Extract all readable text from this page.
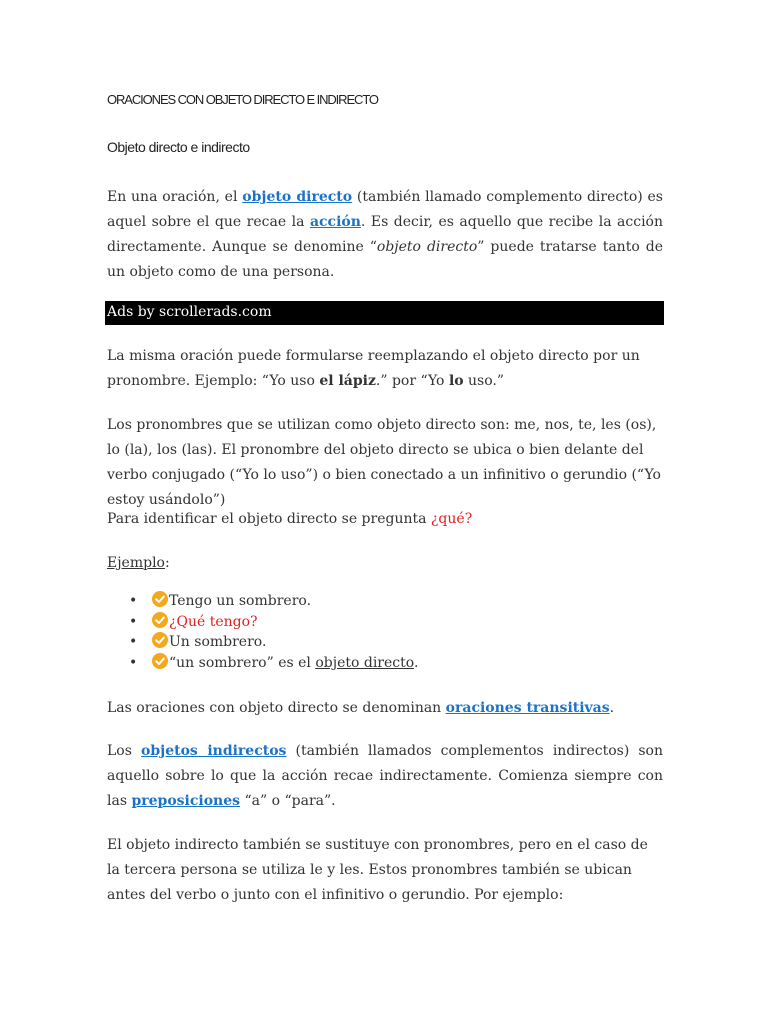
ORACIONES CON OBJETO DIRECTO E INDIRECTO
Objeto directo e indirecto
En una oración, el objeto directo (también llamado complemento directo) es aquel sobre el que recae la acción. Es decir, es aquello que recibe la acción directamente. Aunque se denomine “objeto directo” puede tratarse tanto de un objeto como de una persona.
Ads by scrollerads.com
La misma oración puede formularse reemplazando el objeto directo por un pronombre. Ejemplo: “Yo uso el lápiz.” por “Yo lo uso.”
Los pronombres que se utilizan como objeto directo son: me, nos, te, les (os), lo (la), los (las). El pronombre del objeto directo se ubica o bien delante del verbo conjugado (“Yo lo uso”) o bien conectado a un infinitivo o gerundio (“Yo estoy usándolo”)
Para identificar el objeto directo se pregunta ¿qué?
Ejemplo:
• Tengo un sombrero.
• ¿Qué tengo?
• Un sombrero.
• “un sombrero” es el objeto directo.
Las oraciones con objeto directo se denominan oraciones transitivas.
Los objetos indirectos (también llamados complementos indirectos) son aquello sobre lo que la acción recae indirectamente. Comienza siempre con las preposiciones “a” o “para”.
El objeto indirecto también se sustituye con pronombres, pero en el caso de la tercera persona se utiliza le y les. Estos pronombres también se ubican antes del verbo o junto con el infinitivo o gerundio. Por ejemplo:
